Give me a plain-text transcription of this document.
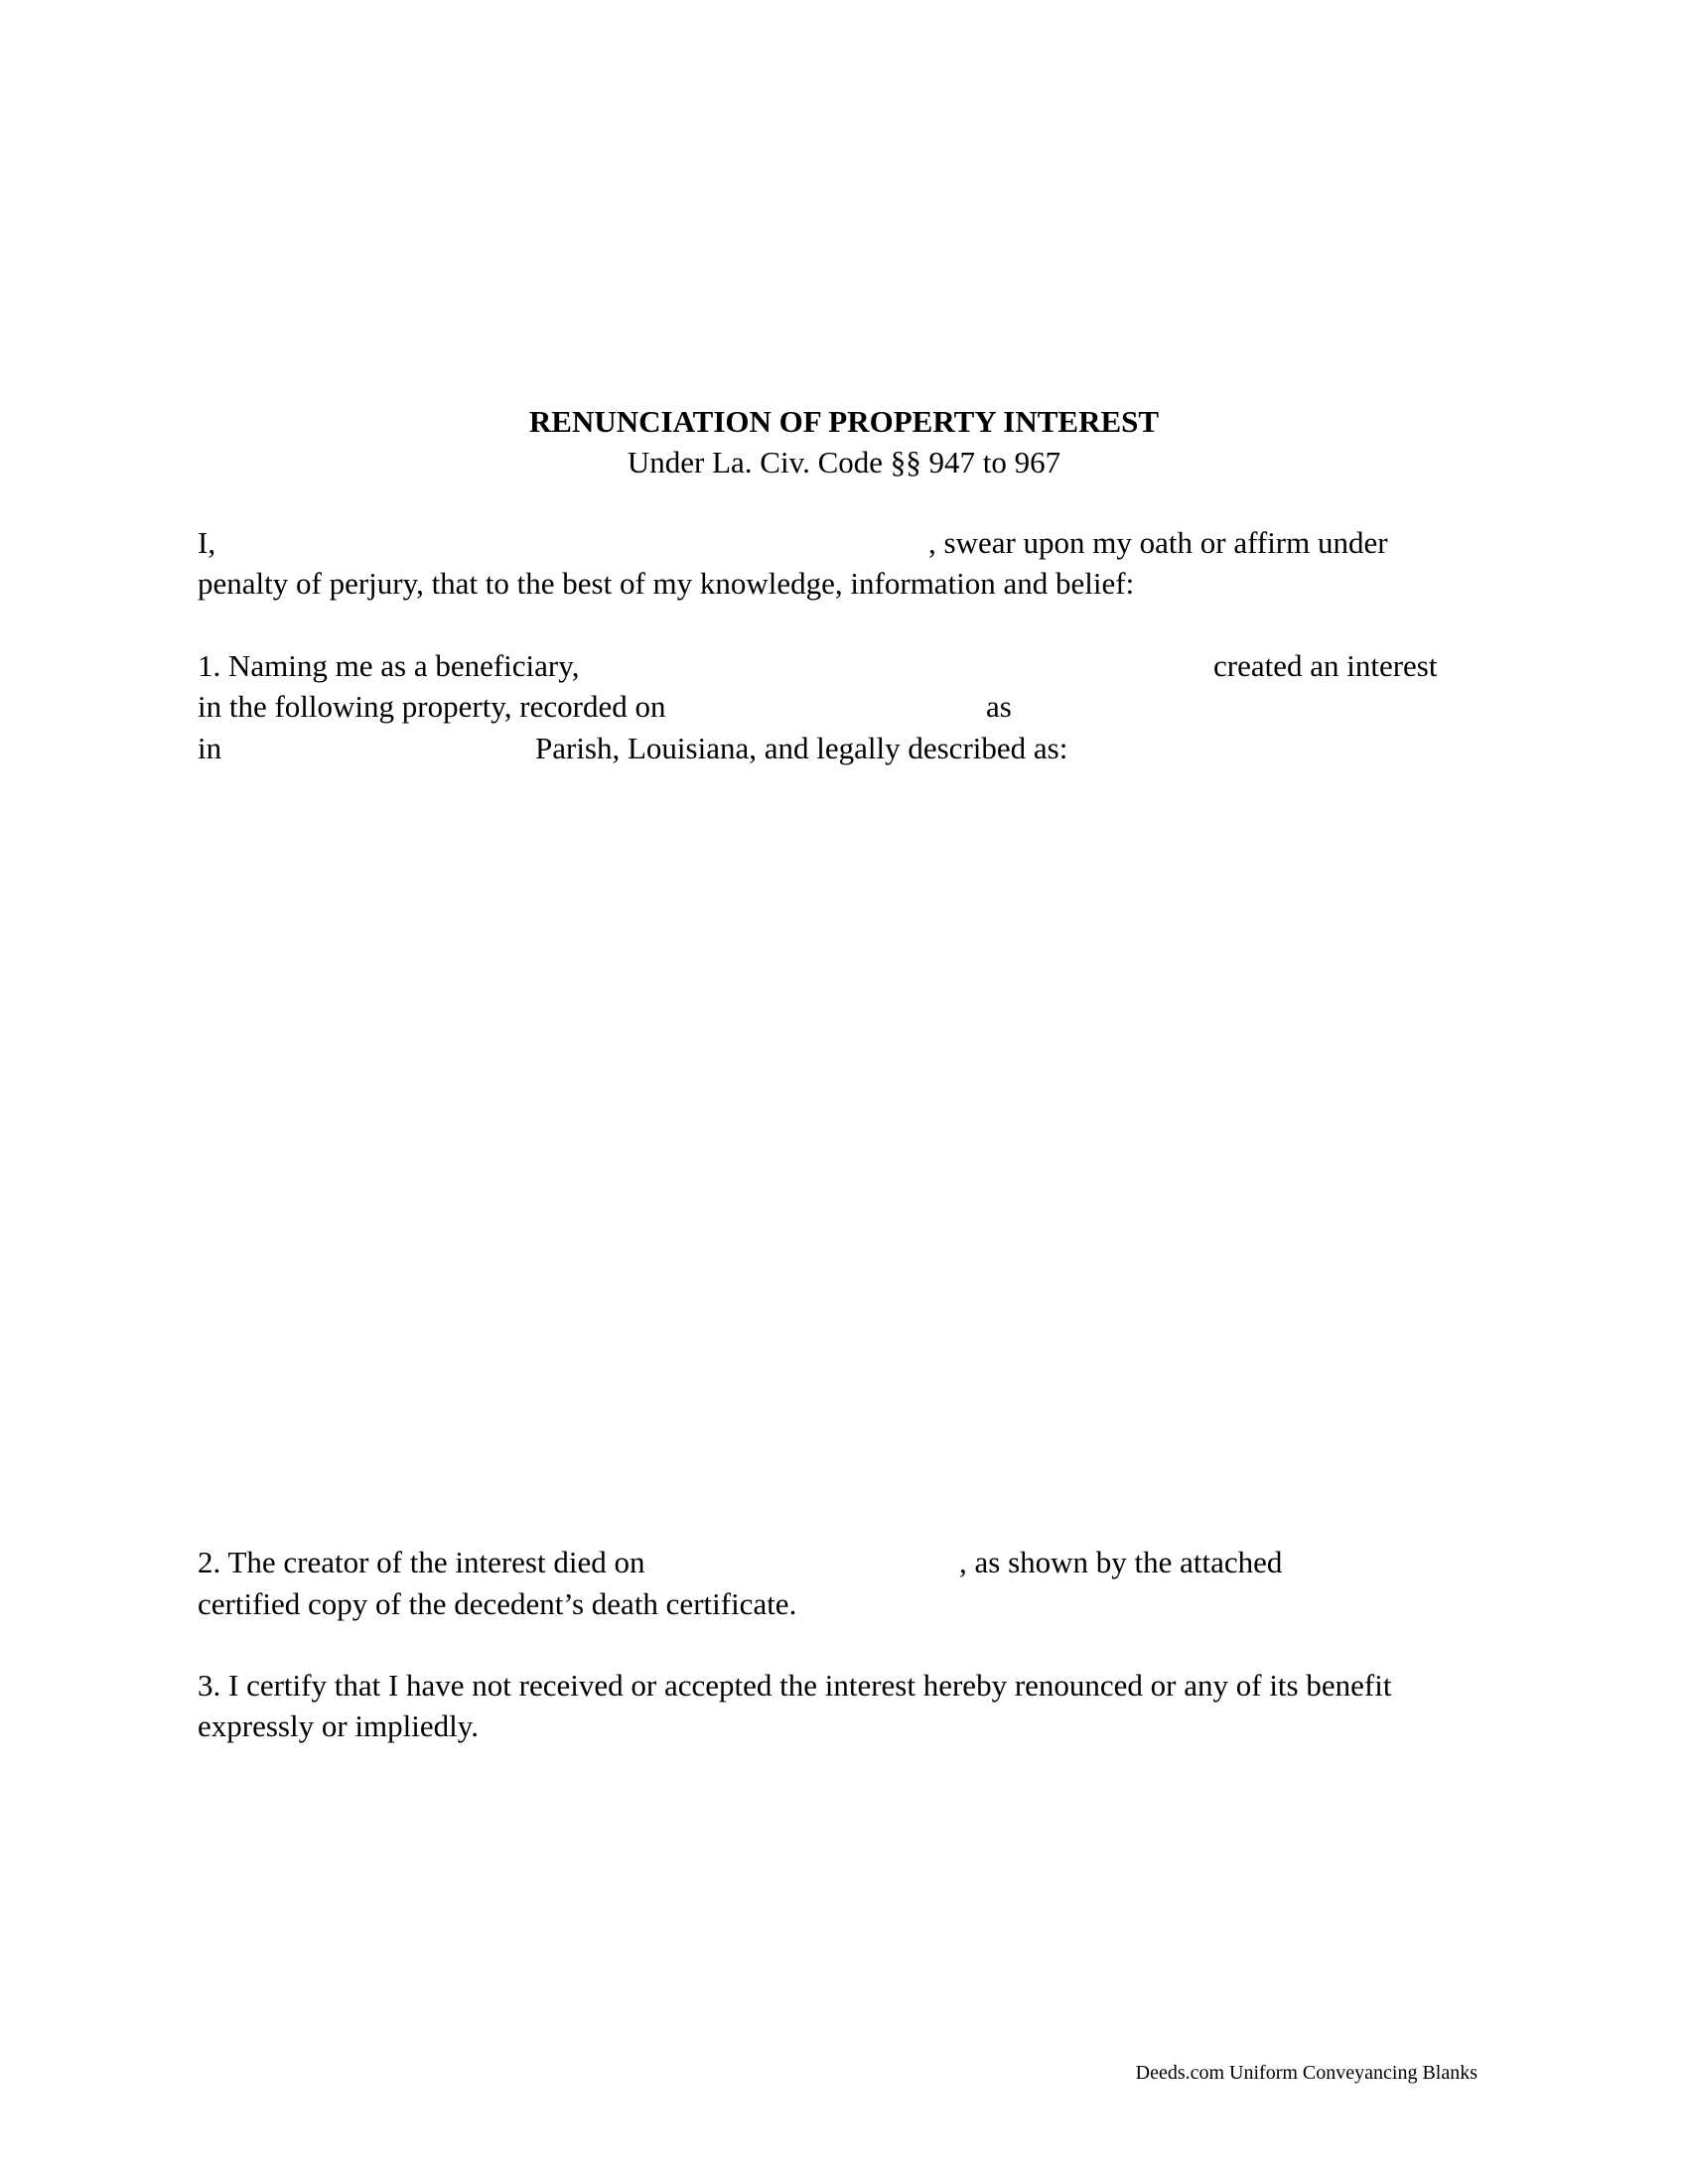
RENUNCIATION OF PROPERTY INTEREST
Under La. Civ. Code §§ 947 to 967
I,	, swear upon my oath or affirm under
penalty of perjury, that to the best of my knowledge, information and belief:
1. Naming me as a beneficiary,	created an interest
in the following property, recorded on	as
in	Parish, Louisiana, and legally described as:
2. The creator of the interest died on	, as shown by the attached
certified copy of the decedent’s death certificate.
3. I certify that I have not received or accepted the interest hereby renounced or any of its benefit
expressly or impliedly.
Deeds.com Uniform Conveyancing Blanks
